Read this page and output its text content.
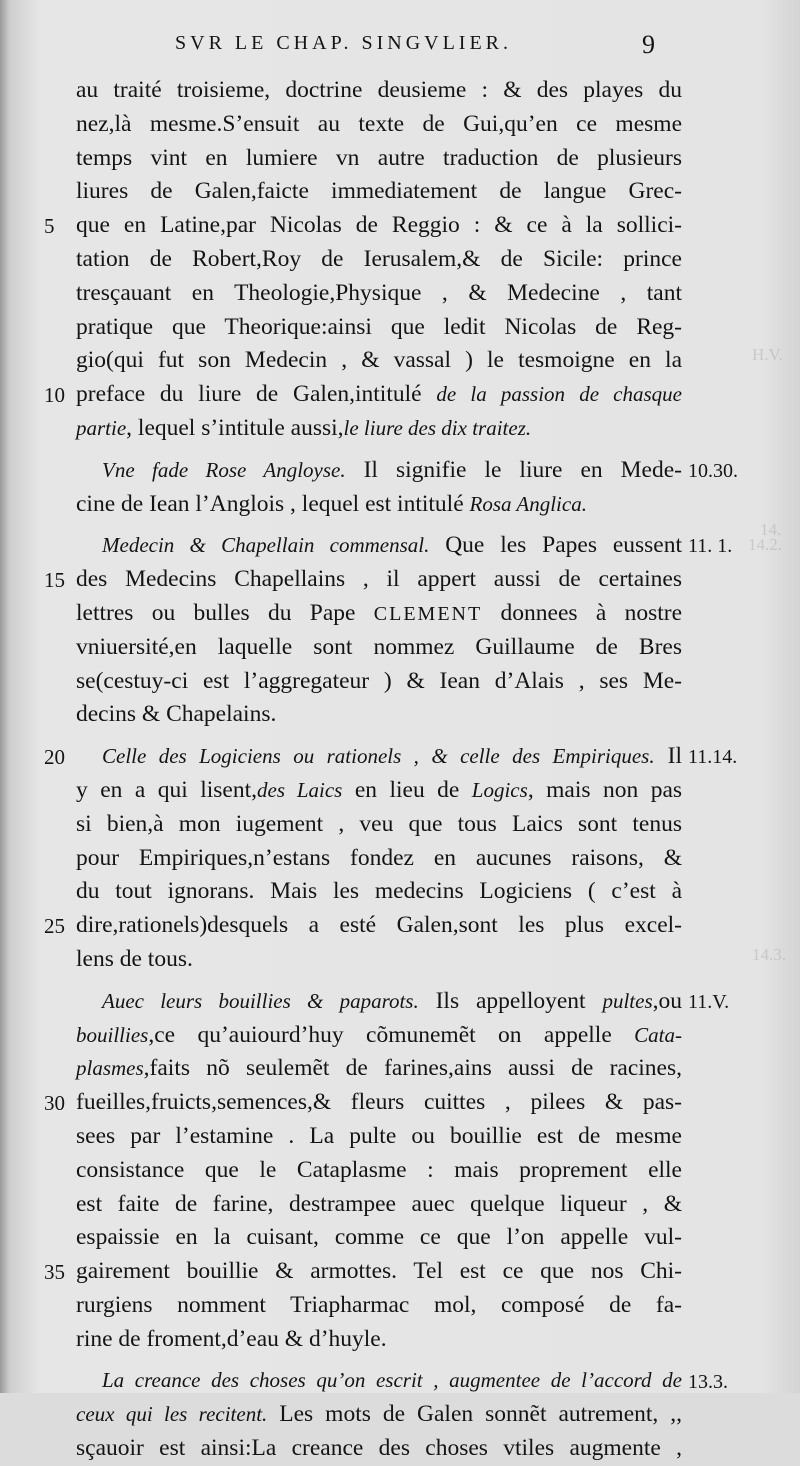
H.V.
14.
14.2.
14.3.
SVR LE CHAP. SINGVLIER.	9
au traité troisieme, doctrine deusieme : & des playes du
nez,là mesme.S’ensuit au texte de Gui,qu’en ce mesme
temps vint en lumiere vn autre traduction de plusieurs
liures de Galen,faicte immediatement de langue Grec-
que en Latine,par Nicolas de Reggio : & ce à la sollici-
tation de Robert,Roy de Ierusalem,& de Sicile: prince
tresçauant en Theologie,Physique , & Medecine , tant
pratique que Theorique:ainsi que ledit Nicolas de Reg-
gio(qui fut son Medecin , & vassal ) le tesmoigne en la
preface du liure de Galen,intitulé de la passion de chasque
partie, lequel s’intitule aussi,le liure des dix traitez.
Vne fade Rose Angloyse. Il signifie le liure en Mede-
cine de Iean l’Anglois , lequel est intitulé Rosa Anglica.
Medecin & Chapellain commensal. Que les Papes eussent
des Medecins Chapellains , il appert aussi de certaines
lettres ou bulles du Pape CLEMENT donnees à nostre
vniuersité,en laquelle sont nommez Guillaume de Bres
se(cestuy-ci est l’aggregateur ) & Iean d’Alais , ses Me-
decins & Chapelains.
Celle des Logiciens ou rationels , & celle des Empiriques. Il
y en a qui lisent,des Laics en lieu de Logics, mais non pas
si bien,à mon iugement , veu que tous Laics sont tenus
pour Empiriques,n’estans fondez en aucunes raisons, &
du tout ignorans. Mais les medecins Logiciens ( c’est à
dire,rationels)desquels a esté Galen,sont les plus excel-
lens de tous.
Auec leurs bouillies & paparots. Ils appelloyent pultes,ou
bouillies,ce qu’auiourd’huy cõmunemẽt on appelle Cata-
plasmes,faits nõ seulemẽt de farines,ains aussi de racines,
fueilles,fruicts,semences,& fleurs cuittes , pilees & pas-
sees par l’estamine . La pulte ou bouillie est de mesme
consistance que le Cataplasme : mais proprement elle
est faite de farine, destrampee auec quelque liqueur , &
espaissie en la cuisant, comme ce que l’on appelle vul-
gairement bouillie & armottes. Tel est ce que nos Chi-
rurgiens nomment Triapharmac mol, composé de fa-
rine de froment,d’eau & d’huyle.
La creance des choses qu’on escrit , augmentee de l’accord de
ceux qui les recitent. Les mots de Galen sonnẽt autrement, ,,
sçauoir est ainsi:La creance des choses vtiles augmente ,
5
10
15
20
25
30
35
10.30.
11. 1.
11.14.
11.V.
13.3.
